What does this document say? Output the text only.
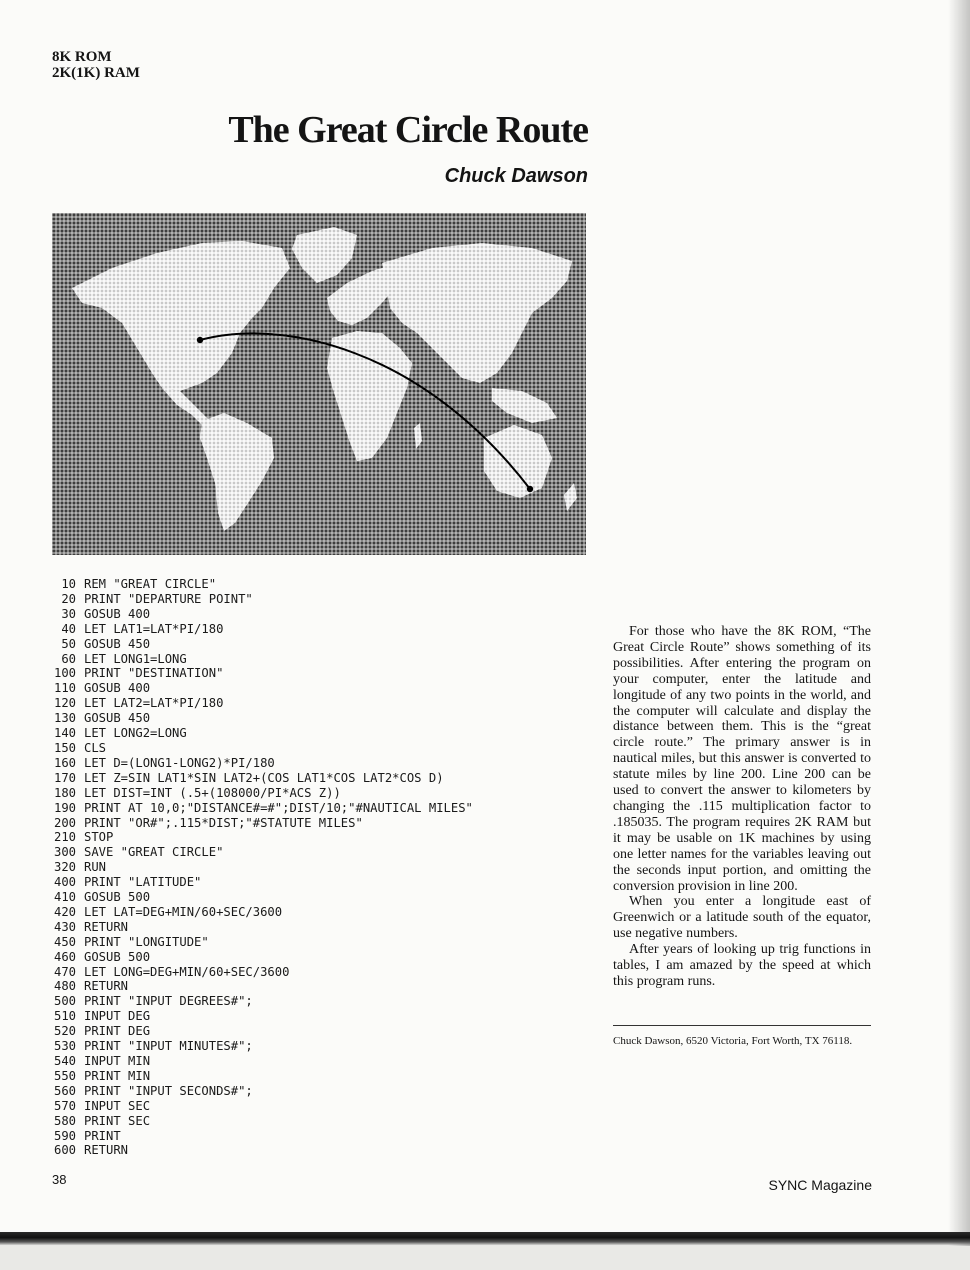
8K ROM
2K(1K) RAM
The Great Circle Route
Chuck Dawson
10 REM "GREAT CIRCLE"
20 PRINT "DEPARTURE POINT"
30 GOSUB 400
40 LET LAT1=LAT*PI/180
50 GOSUB 450
60 LET LONG1=LONG
100 PRINT "DESTINATION"
110 GOSUB 400
120 LET LAT2=LAT*PI/180
130 GOSUB 450
140 LET LONG2=LONG
150 CLS
160 LET D=(LONG1-LONG2)*PI/180
170 LET Z=SIN LAT1*SIN LAT2+(COS LAT1*COS LAT2*COS D)
180 LET DIST=INT (.5+(108000/PI*ACS Z))
190 PRINT AT 10,0;"DISTANCE#=#";DIST/10;"#NAUTICAL MILES"
200 PRINT "OR#";.115*DIST;"#STATUTE MILES"
210 STOP
300 SAVE "GREAT CIRCLE"
320 RUN
400 PRINT "LATITUDE"
410 GOSUB 500
420 LET LAT=DEG+MIN/60+SEC/3600
430 RETURN
450 PRINT "LONGITUDE"
460 GOSUB 500
470 LET LONG=DEG+MIN/60+SEC/3600
480 RETURN
500 PRINT "INPUT DEGREES#";
510 INPUT DEG
520 PRINT DEG
530 PRINT "INPUT MINUTES#";
540 INPUT MIN
550 PRINT MIN
560 PRINT "INPUT SECONDS#";
570 INPUT SEC
580 PRINT SEC
590 PRINT
600 RETURN

For those who have the 8K ROM, “The Great Circle Route” shows something of its possibilities. After entering the program on your computer, enter the latitude and longitude of any two points in the world, and the computer will calculate and display the distance between them. This is the “great circle route.” The primary answer is in nautical miles, but this answer is converted to statute miles by line 200. Line 200 can be used to convert the answer to kilometers by changing the .115 multiplication factor to .185035. The program requires 2K RAM but it may be usable on 1K machines by using one letter names for the variables leaving out the seconds input portion, and omitting the conversion provision in line 200.

When you enter a longitude east of Greenwich or a latitude south of the equator, use negative numbers.

After years of looking up trig functions in tables, I am amazed by the speed at which this program runs.

Chuck Dawson, 6520 Victoria, Fort Worth, TX 76118.
38	SYNC Magazine
